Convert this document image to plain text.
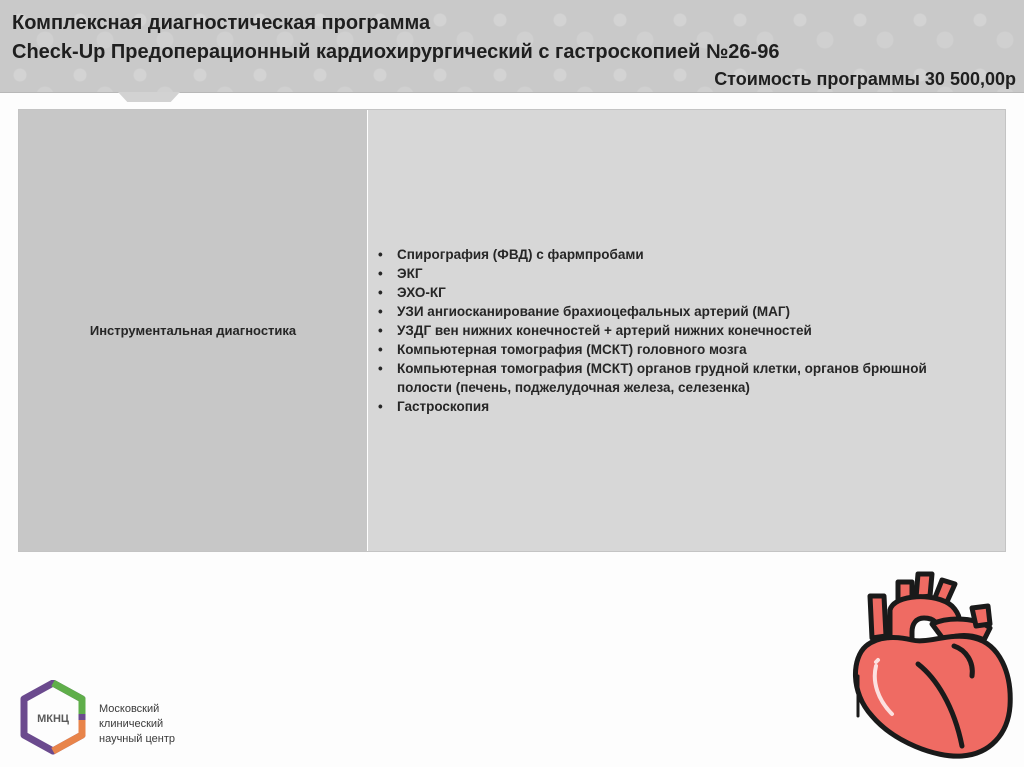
Комплексная диагностическая программа
Check-Up Предоперационный кардиохирургический с гастроскопией №26-96
Стоимость программы 30 500,00р
Инструментальная диагностика
• Спирография (ФВД) с фармпробами
• ЭКГ
• ЭХО-КГ
• УЗИ ангиосканирование брахиоцефальных артерий (МАГ)
• УЗДГ вен нижних конечностей + артерий нижних конечностей
• Компьютерная томография (МСКТ) головного мозга
• Компьютерная томография (МСКТ) органов грудной клетки, органов брюшной полости (печень, поджелудочная железа, селезенка)
• Гастроскопия
МКНЦ
Московский
клинический
научный центр
